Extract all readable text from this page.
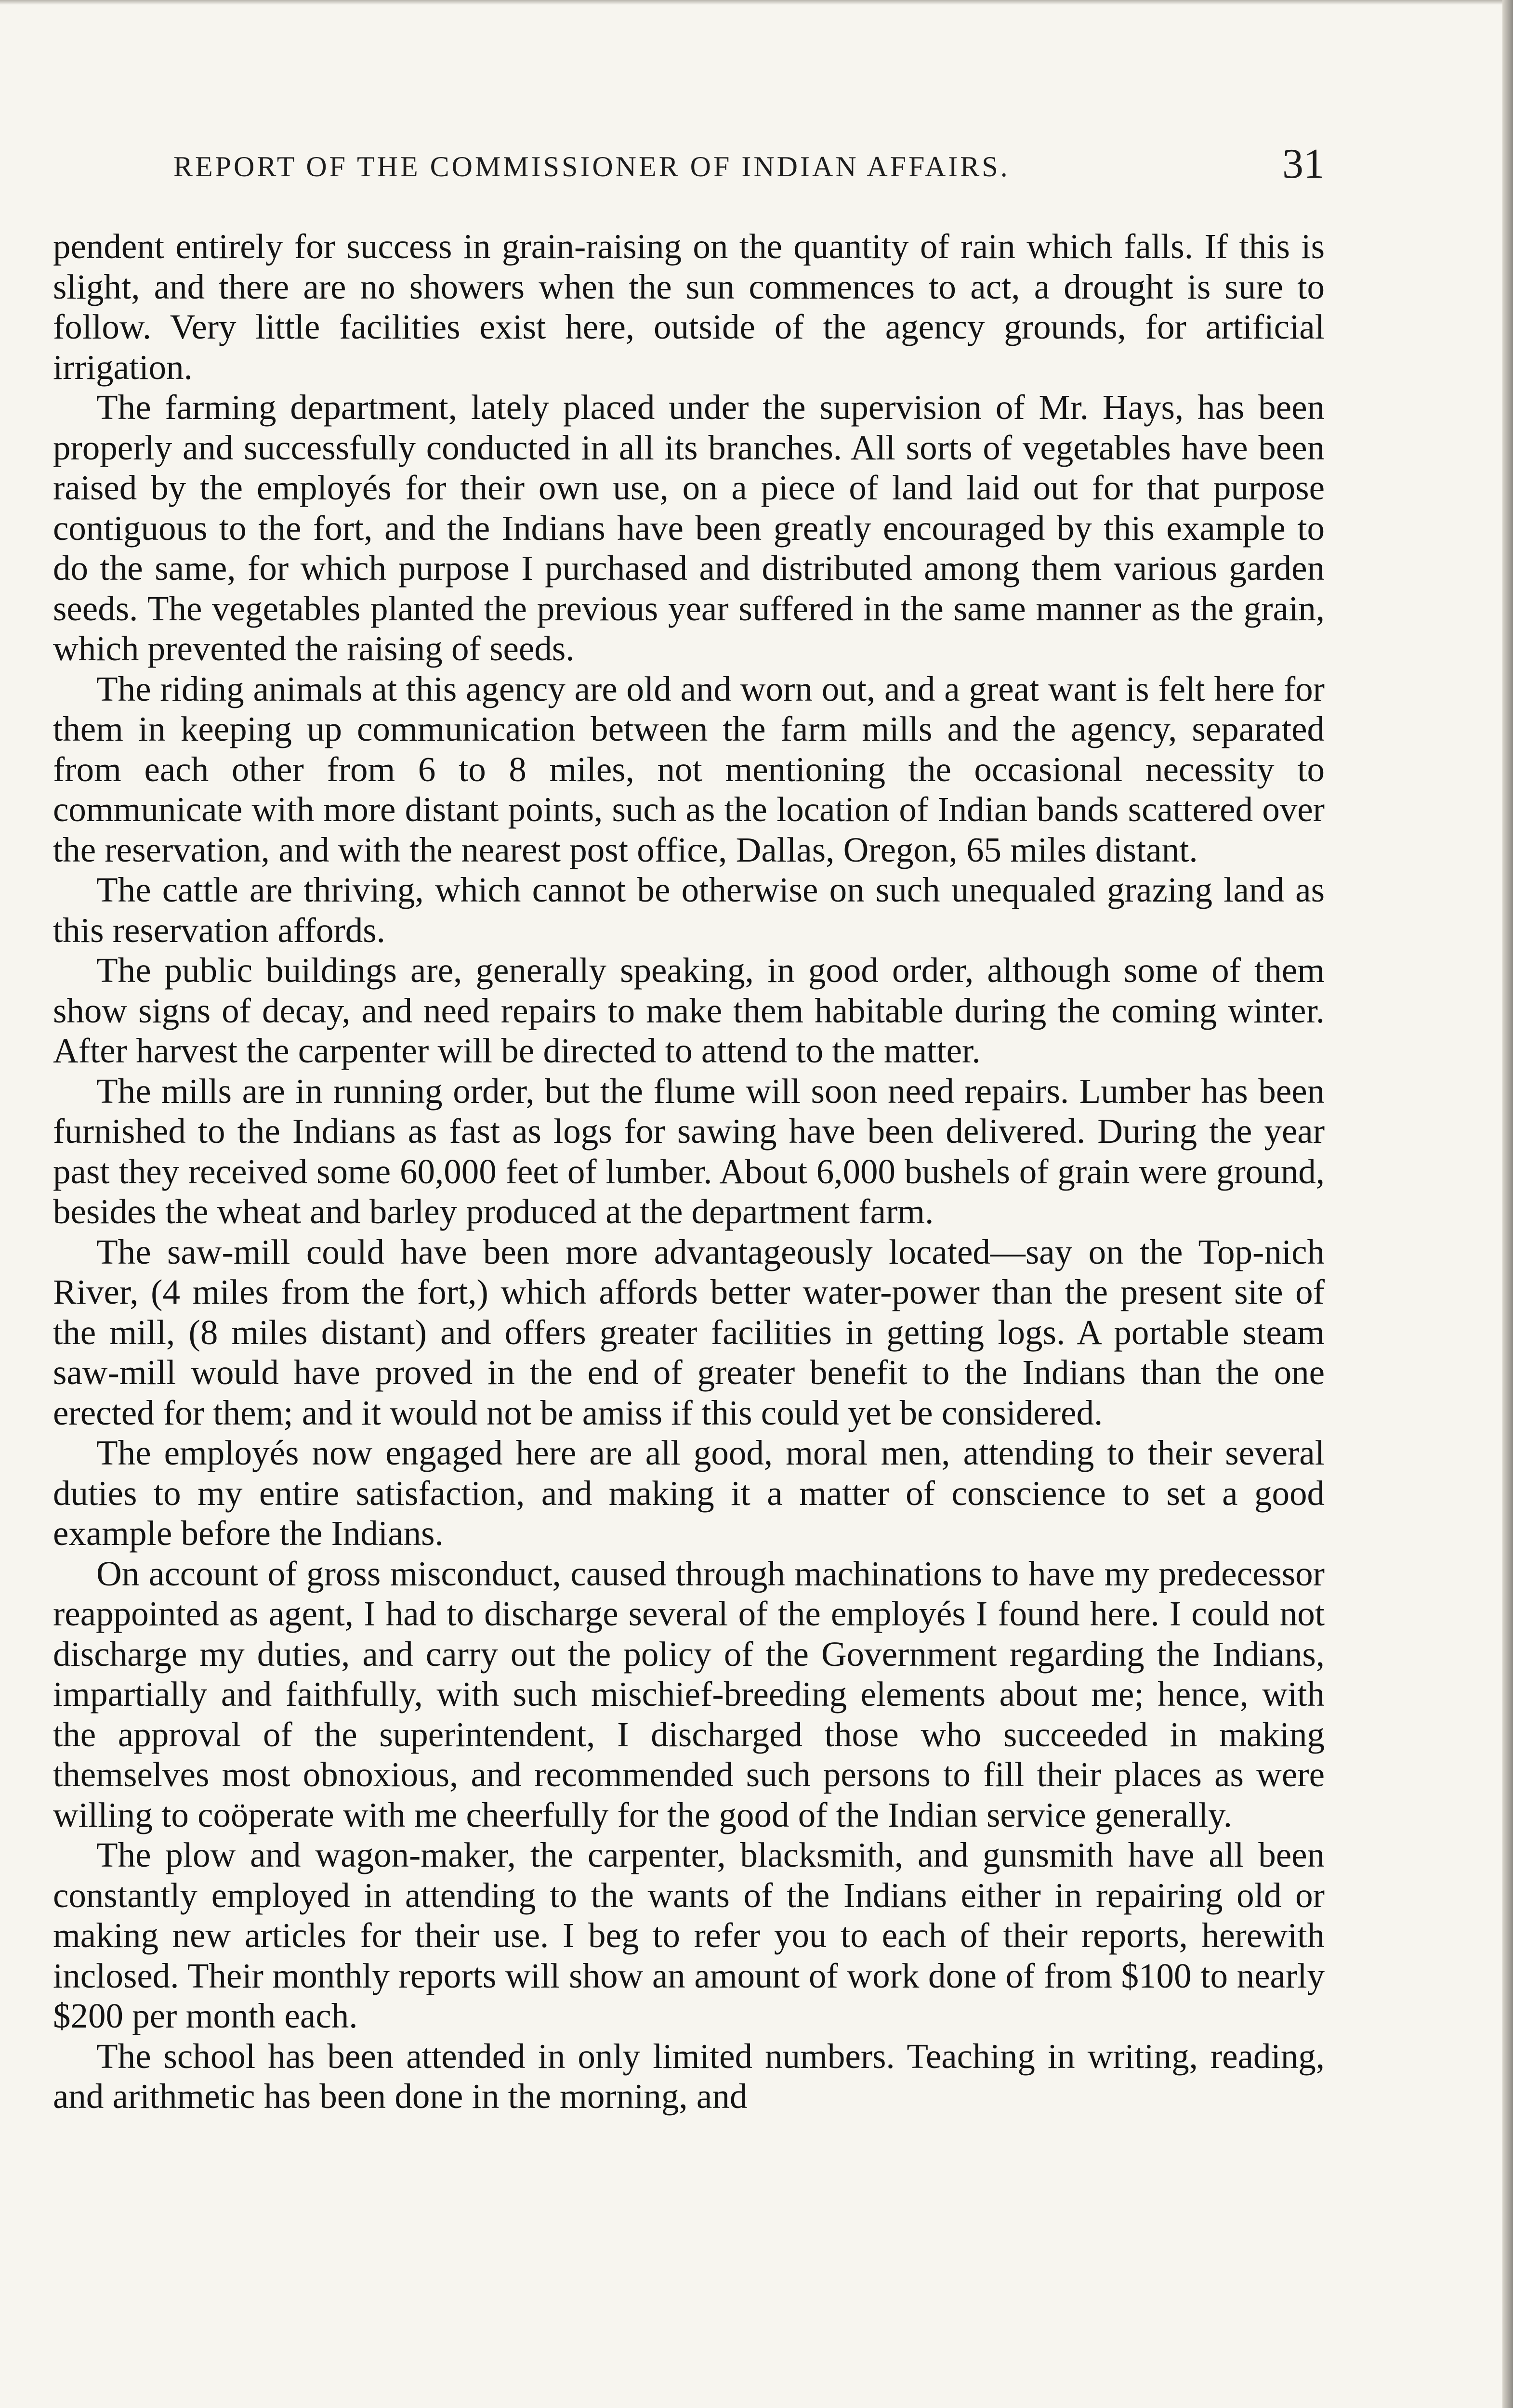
REPORT OF THE COMMISSIONER OF INDIAN AFFAIRS.	31

pendent entirely for success in grain-raising on the quantity of rain which falls. If this is slight, and there are no showers when the sun commences to act, a drought is sure to follow. Very little facilities exist here, outside of the agency grounds, for artificial irrigation.

The farming department, lately placed under the supervision of Mr. Hays, has been properly and successfully conducted in all its branches. All sorts of vegetables have been raised by the employés for their own use, on a piece of land laid out for that purpose contiguous to the fort, and the Indians have been greatly encouraged by this example to do the same, for which purpose I purchased and distributed among them various garden seeds. The vegetables planted the previous year suffered in the same manner as the grain, which prevented the raising of seeds.

The riding animals at this agency are old and worn out, and a great want is felt here for them in keeping up communication between the farm mills and the agency, separated from each other from 6 to 8 miles, not mentioning the occasional necessity to communicate with more distant points, such as the location of Indian bands scattered over the reservation, and with the nearest post office, Dallas, Oregon, 65 miles distant.

The cattle are thriving, which cannot be otherwise on such unequaled grazing land as this reservation affords.

The public buildings are, generally speaking, in good order, although some of them show signs of decay, and need repairs to make them habitable during the coming winter. After harvest the carpenter will be directed to attend to the matter.

The mills are in running order, but the flume will soon need repairs. Lumber has been furnished to the Indians as fast as logs for sawing have been delivered. During the year past they received some 60,000 feet of lumber. About 6,000 bushels of grain were ground, besides the wheat and barley produced at the department farm.

The saw-mill could have been more advantageously located—say on the Top-nich River, (4 miles from the fort,) which affords better water-power than the present site of the mill, (8 miles distant) and offers greater facilities in getting logs. A portable steam saw-mill would have proved in the end of greater benefit to the Indians than the one erected for them; and it would not be amiss if this could yet be considered.

The employés now engaged here are all good, moral men, attending to their several duties to my entire satisfaction, and making it a matter of conscience to set a good example before the Indians.

On account of gross misconduct, caused through machinations to have my predecessor reappointed as agent, I had to discharge several of the employés I found here. I could not discharge my duties, and carry out the policy of the Government regarding the Indians, impartially and faithfully, with such mischief-breeding elements about me; hence, with the approval of the superintendent, I discharged those who succeeded in making themselves most obnoxious, and recommended such persons to fill their places as were willing to coöperate with me cheerfully for the good of the Indian service generally.

The plow and wagon-maker, the carpenter, blacksmith, and gunsmith have all been constantly employed in attending to the wants of the Indians either in repairing old or making new articles for their use. I beg to refer you to each of their reports, herewith inclosed. Their monthly reports will show an amount of work done of from $100 to nearly $200 per month each.

The school has been attended in only limited numbers. Teaching in writing, reading, and arithmetic has been done in the morning, and
